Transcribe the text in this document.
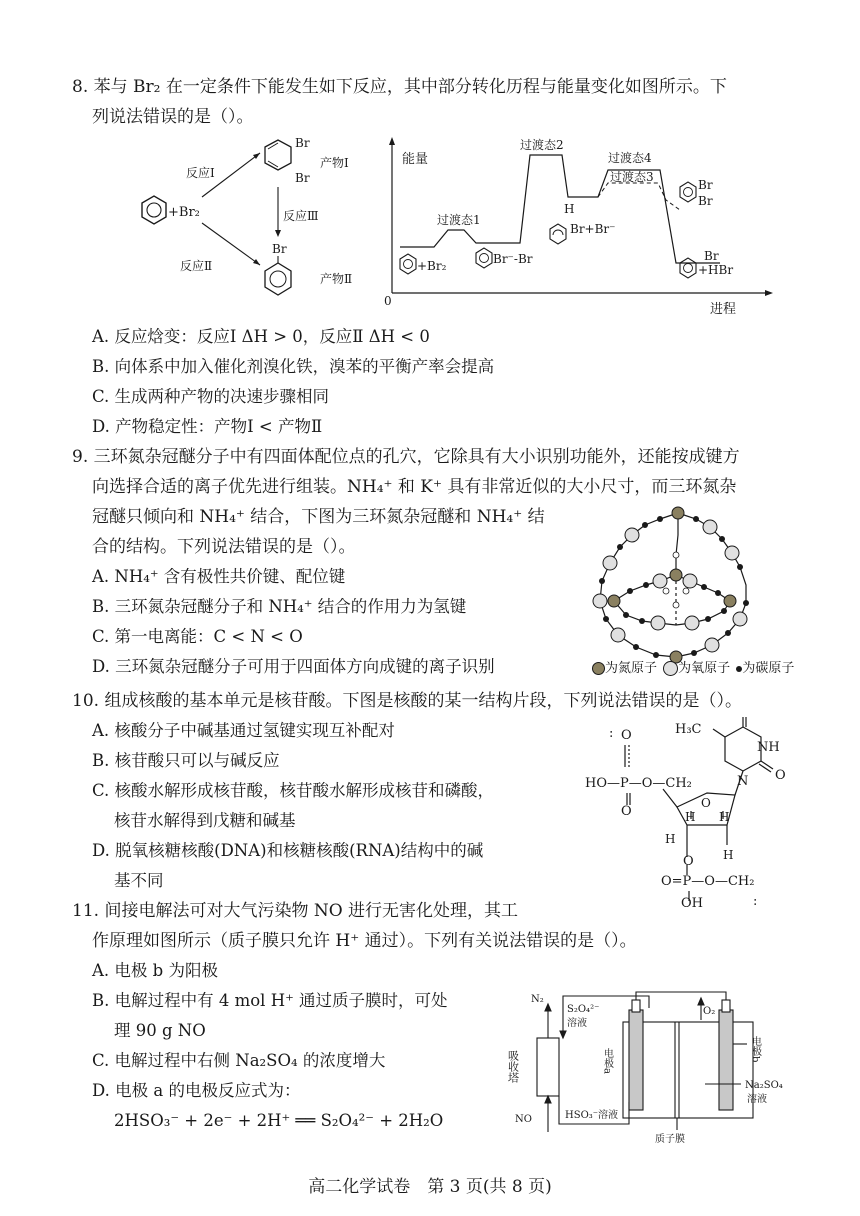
8. 苯与 Br₂ 在一定条件下能发生如下反应，其中部分转化历程与能量变化如图所示。下
列说法错误的是（）。
+Br₂
反应Ⅰ
反应Ⅱ
Br
Br
产物Ⅰ
反应Ⅲ
Br
产物Ⅱ
能量
进程
0
过渡态1
过渡态2
过渡态4
过渡态3
+Br₂	Br⁻-Br
H
Br+Br⁻
Br
Br
Br
+HBr
A. 反应焓变：反应Ⅰ ΔH > 0，反应Ⅱ ΔH < 0
B. 向体系中加入催化剂溴化铁，溴苯的平衡产率会提高
C. 生成两种产物的决速步骤相同
D. 产物稳定性：产物Ⅰ < 产物Ⅱ
9. 三环氮杂冠醚分子中有四面体配位点的孔穴，它除具有大小识别功能外，还能按成键方
向选择合适的离子优先进行组装。NH₄⁺ 和 K⁺ 具有非常近似的大小尺寸，而三环氮杂
冠醚只倾向和 NH₄⁺ 结合，下图为三环氮杂冠醚和 NH₄⁺ 结
合的结构。下列说法错误的是（）。
A. NH₄⁺ 含有极性共价键、配位键
B. 三环氮杂冠醚分子和 NH₄⁺ 结合的作用力为氢键
C. 第一电离能：C < N < O
D. 三环氮杂冠醚分子可用于四面体方向成键的离子识别	为氮原子 为氧原子 为碳原子
10. 组成核酸的基本单元是核苷酸。下图是核酸的某一结构片段，下列说法错误的是（）。
A. 核酸分子中碱基通过氢键实现互补配对
B. 核苷酸只可以与碱反应
C. 核酸水解形成核苷酸，核苷酸水解形成核苷和磷酸，
核苷水解得到戊糖和碱基
D. 脱氧核糖核酸(DNA)和核糖核酸(RNA)结构中的碱
基不同
: O	H₃C
NH
O
N
HO—P—O—CH₂
O
O
H H
H
H
O
O=P—O—CH₂
OH	:
11. 间接电解法可对大气污染物 NO 进行无害化处理，其工
作原理如图所示（质子膜只允许 H⁺ 通过）。下列有关说法错误的是（）。
A. 电极 b 为阳极
B. 电解过程中有 4 mol H⁺ 通过质子膜时，可处
理 90 g NO
C. 电解过程中右侧 Na₂SO₄ 的浓度增大
D. 电极 a 的电极反应式为：
2HSO₃⁻ + 2e⁻ + 2H⁺ ══ S₂O₄²⁻ + 2H₂O
N₂
S₂O₄²⁻
溶液
吸收塔	电极a	电极b
O₂
Na₂SO₄
溶液
NO	HSO₃⁻溶液
质子膜
高二化学试卷　第 3 页(共 8 页)
